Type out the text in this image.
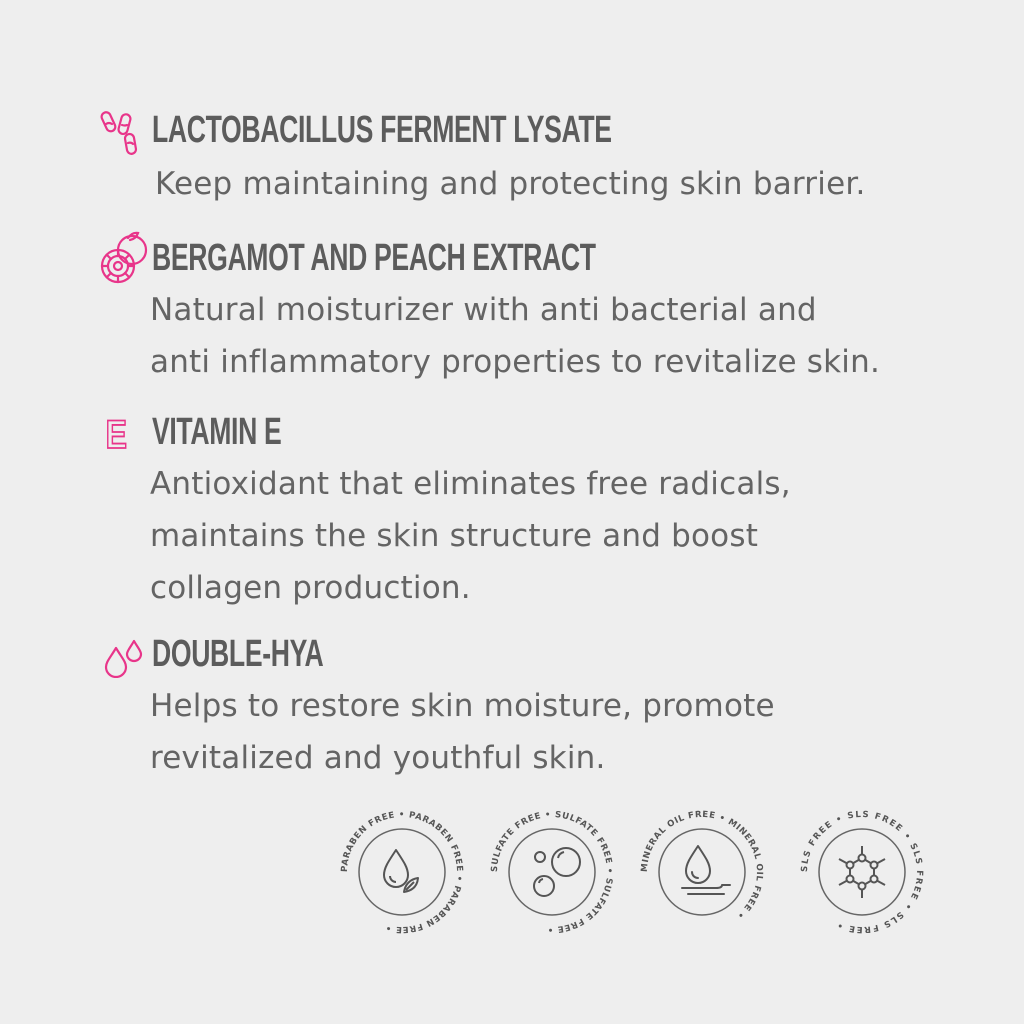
LACTOBACILLUS FERMENT LYSATE
Keep maintaining and protecting skin barrier.
BERGAMOT AND PEACH EXTRACT
Natural moisturizer with anti bacterial and
anti inflammatory properties to revitalize skin.
E VITAMIN E
Antioxidant that eliminates free radicals,
maintains the skin structure and boost
collagen production.
DOUBLE-HYA
Helps to restore skin moisture, promote
revitalized and youthful skin.
PARABEN FREE • PARABEN FREE • PARABEN FREE •
SULFATE FREE • SULFATE FREE • SULFATE FREE •
MINERAL OIL FREE • MINERAL OIL FREE •
SLS FREE • SLS FREE • SLS FREE • SLS FREE •
